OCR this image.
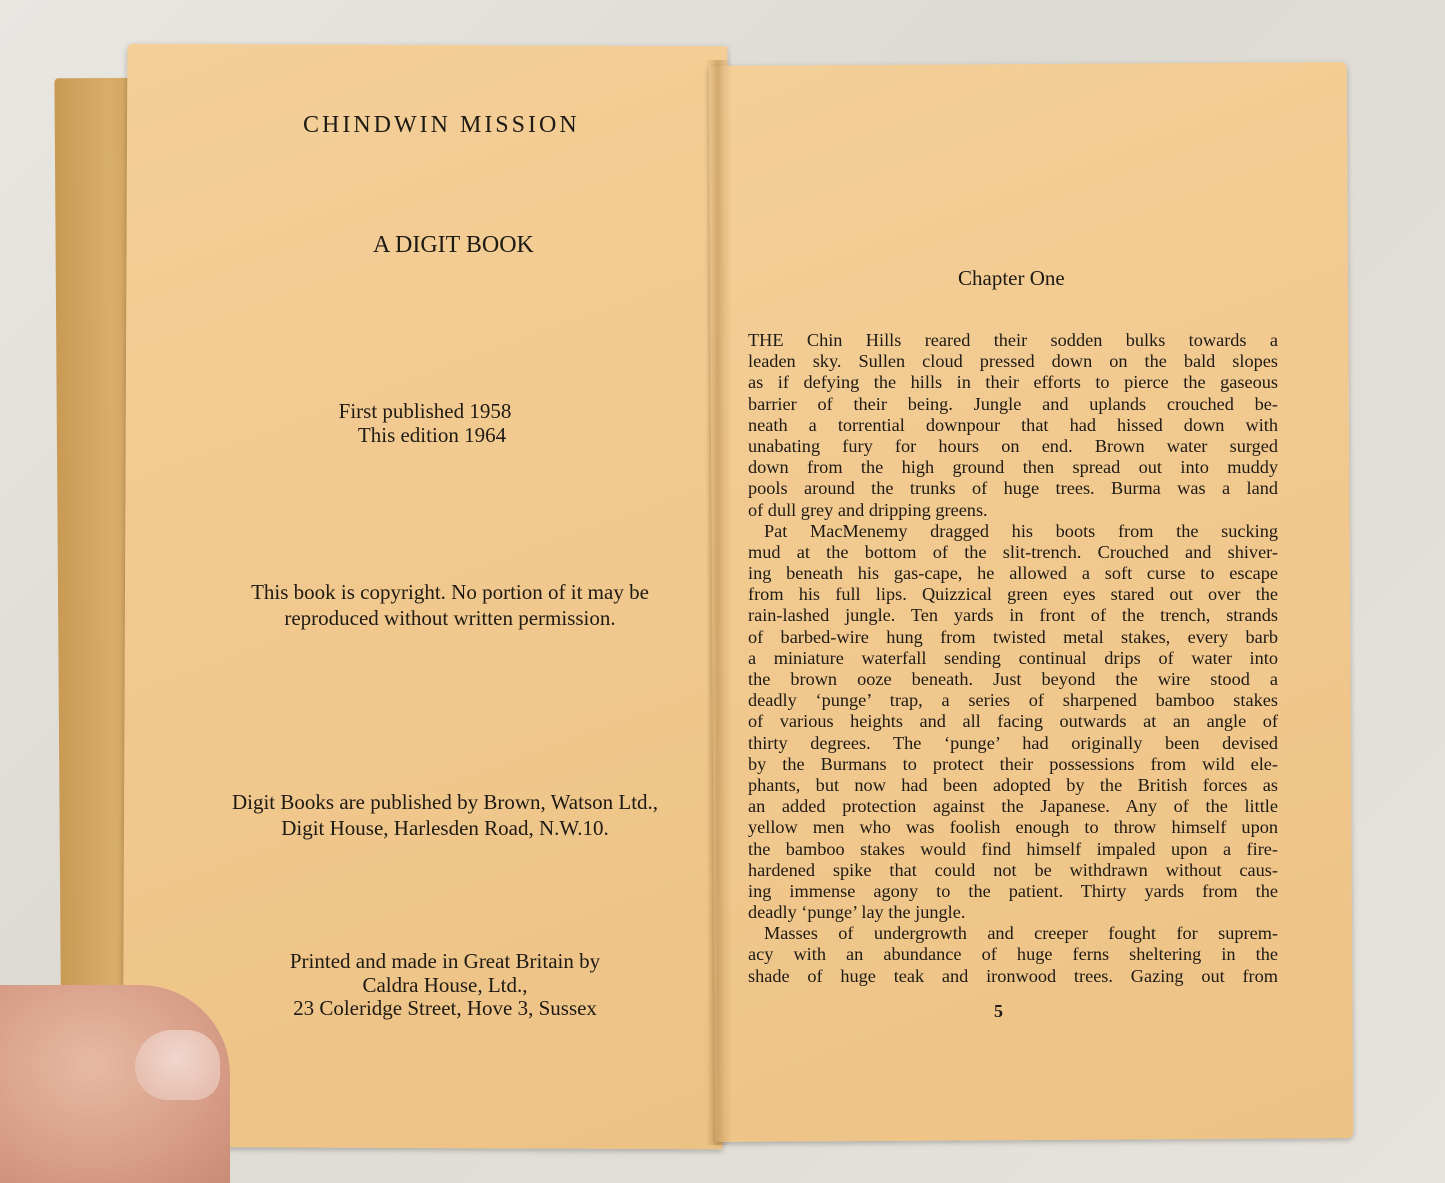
CHINDWIN MISSION
A DIGIT BOOK
First published 1958
This edition 1964
This book is copyright. No portion of it may be
reproduced without written permission.
Digit Books are published by Brown, Watson Ltd.,
Digit House, Harlesden Road, N.W.10.
Printed and made in Great Britain by
Caldra House, Ltd.,
23 Coleridge Street, Hove 3, Sussex
Chapter One
THE Chin Hills reared their sodden bulks towards a
leaden sky. Sullen cloud pressed down on the bald slopes
as if defying the hills in their efforts to pierce the gaseous
barrier of their being. Jungle and uplands crouched be-
neath a torrential downpour that had hissed down with
unabating fury for hours on end. Brown water surged
down from the high ground then spread out into muddy
pools around the trunks of huge trees. Burma was a land
of dull grey and dripping greens.
Pat MacMenemy dragged his boots from the sucking
mud at the bottom of the slit-trench. Crouched and shiver-
ing beneath his gas-cape, he allowed a soft curse to escape
from his full lips. Quizzical green eyes stared out over the
rain-lashed jungle. Ten yards in front of the trench, strands
of barbed-wire hung from twisted metal stakes, every barb
a miniature waterfall sending continual drips of water into
the brown ooze beneath. Just beyond the wire stood a
deadly ‘punge’ trap, a series of sharpened bamboo stakes
of various heights and all facing outwards at an angle of
thirty degrees. The ‘punge’ had originally been devised
by the Burmans to protect their possessions from wild ele-
phants, but now had been adopted by the British forces as
an added protection against the Japanese. Any of the little
yellow men who was foolish enough to throw himself upon
the bamboo stakes would find himself impaled upon a fire-
hardened spike that could not be withdrawn without caus-
ing immense agony to the patient. Thirty yards from the
deadly ‘punge’ lay the jungle.
Masses of undergrowth and creeper fought for suprem-
acy with an abundance of huge ferns sheltering in the
shade of huge teak and ironwood trees. Gazing out from
5
